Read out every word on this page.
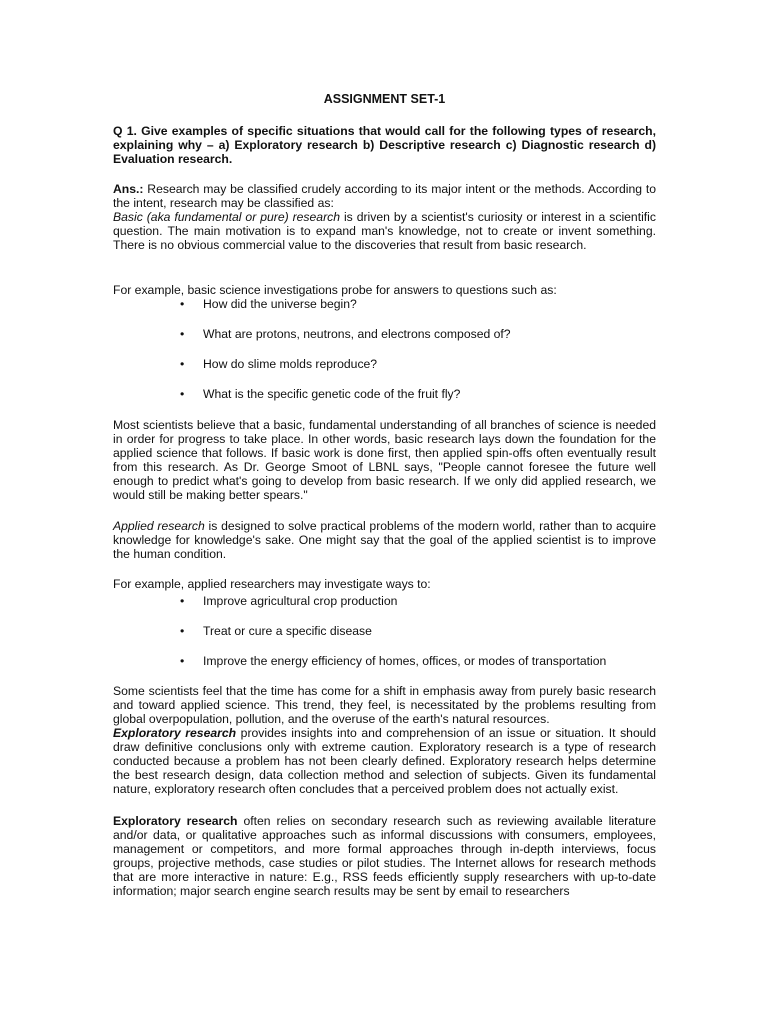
ASSIGNMENT SET-1

Q 1. Give examples of specific situations that would call for the following types of research, explaining why – a) Exploratory research b) Descriptive research c) Diagnostic research d) Evaluation research.

Ans.: Research may be classified crudely according to its major intent or the methods. According to the intent, research may be classified as:

Basic (aka fundamental or pure) research is driven by a scientist's curiosity or interest in a scientific question. The main motivation is to expand man's knowledge, not to create or invent something. There is no obvious commercial value to the discoveries that result from basic research.

For example, basic science investigations probe for answers to questions such as:

• How did the universe begin?
• What are protons, neutrons, and electrons composed of?
• How do slime molds reproduce?
• What is the specific genetic code of the fruit fly?

Most scientists believe that a basic, fundamental understanding of all branches of science is needed in order for progress to take place. In other words, basic research lays down the foundation for the applied science that follows. If basic work is done first, then applied spin-offs often eventually result from this research. As Dr. George Smoot of LBNL says, "People cannot foresee the future well enough to predict what's going to develop from basic research. If we only did applied research, we would still be making better spears."

Applied research is designed to solve practical problems of the modern world, rather than to acquire knowledge for knowledge's sake. One might say that the goal of the applied scientist is to improve the human condition.

For example, applied researchers may investigate ways to:

• Improve agricultural crop production
• Treat or cure a specific disease
• Improve the energy efficiency of homes, offices, or modes of transportation

Some scientists feel that the time has come for a shift in emphasis away from purely basic research and toward applied science. This trend, they feel, is necessitated by the problems resulting from global overpopulation, pollution, and the overuse of the earth's natural resources.

Exploratory research provides insights into and comprehension of an issue or situation. It should draw definitive conclusions only with extreme caution. Exploratory research is a type of research conducted because a problem has not been clearly defined. Exploratory research helps determine the best research design, data collection method and selection of subjects. Given its fundamental nature, exploratory research often concludes that a perceived problem does not actually exist.

Exploratory research often relies on secondary research such as reviewing available literature and/or data, or qualitative approaches such as informal discussions with consumers, employees, management or competitors, and more formal approaches through in-depth interviews, focus groups, projective methods, case studies or pilot studies. The Internet allows for research methods that are more interactive in nature: E.g., RSS feeds efficiently supply researchers with up-to-date information; major search engine search results may be sent by email to researchers
